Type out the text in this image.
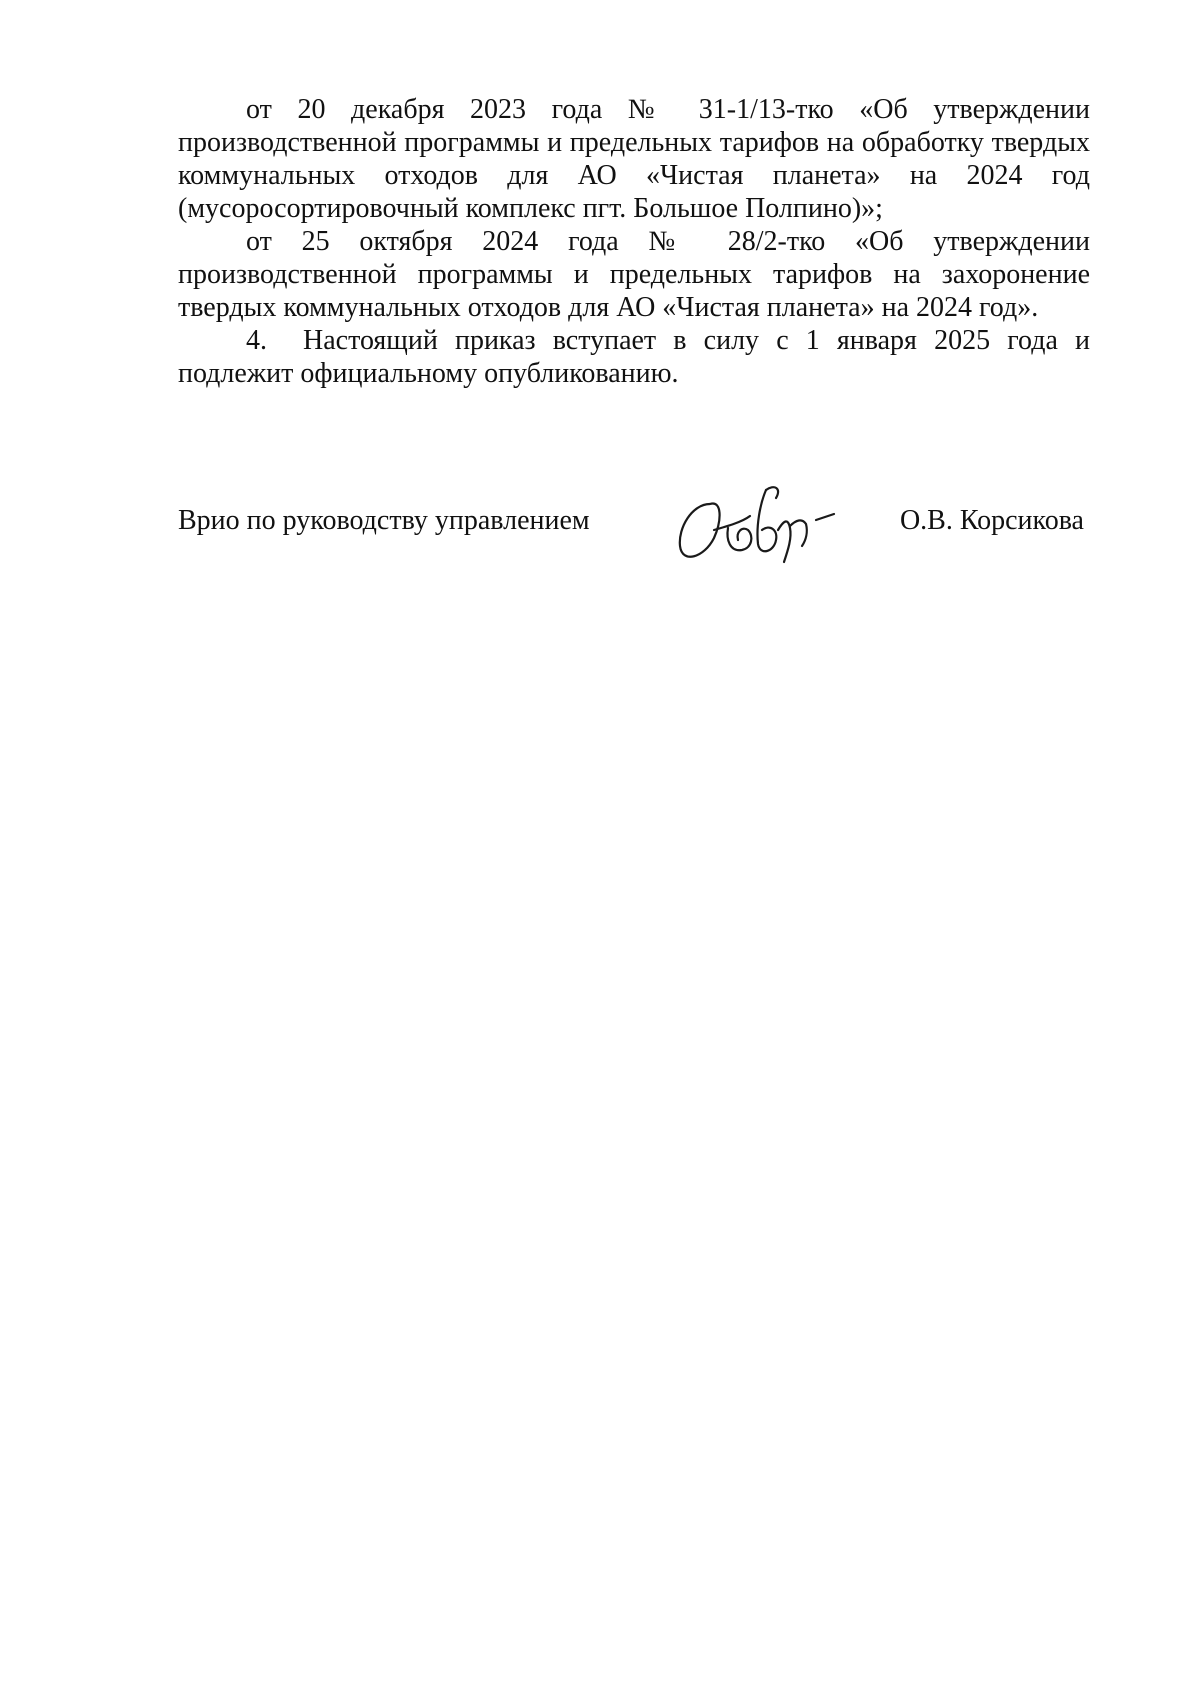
от 20 декабря 2023 года № 31-1/13-тко «Об утверждении производственной программы и предельных тарифов на обработку твердых коммунальных отходов для АО «Чистая планета» на 2024 год (мусоросортировочный комплекс пгт. Большое Полпино)»;

от 25 октября 2024 года № 28/2-тко «Об утверждении производственной программы и предельных тарифов на захоронение твердых коммунальных отходов для АО «Чистая планета» на 2024 год».

4. Настоящий приказ вступает в силу с 1 января 2025 года и подлежит официальному опубликованию.

Врио по руководству управлением	О.В. Корсикова
